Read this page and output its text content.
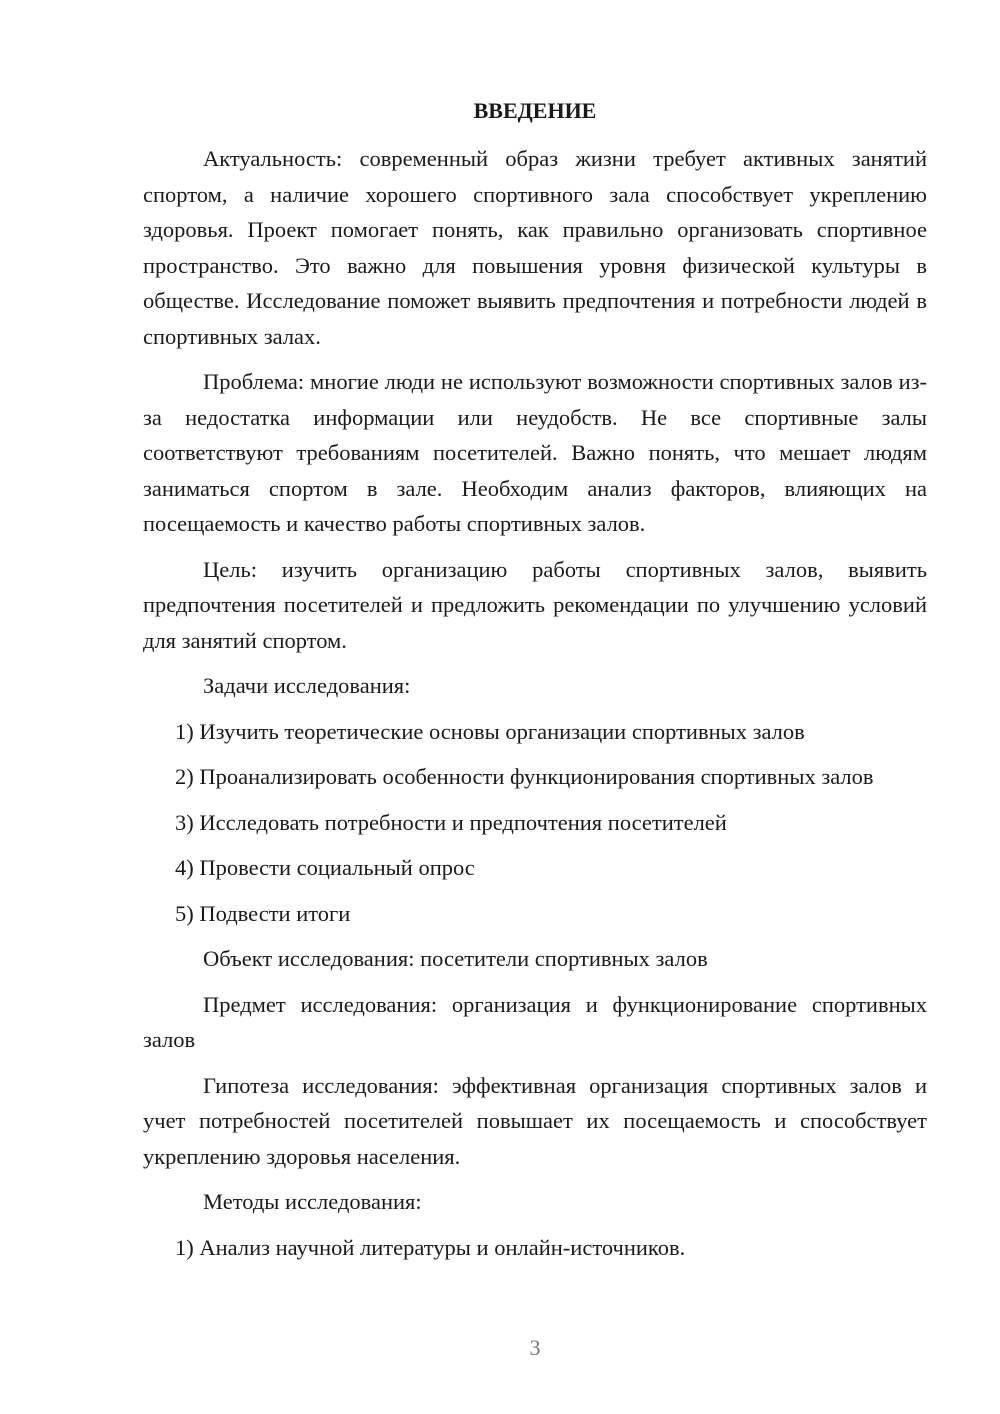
ВВЕДЕНИЕ

Актуальность: современный образ жизни требует активных занятий спортом, а наличие хорошего спортивного зала способствует укреплению здоровья. Проект помогает понять, как правильно организовать спортивное пространство. Это важно для повышения уровня физической культуры в обществе. Исследование поможет выявить предпочтения и потребности людей в спортивных залах.

Проблема: многие люди не используют возможности спортивных залов из-за недостатка информации или неудобств. Не все спортивные залы соответствуют требованиям посетителей. Важно понять, что мешает людям заниматься спортом в зале. Необходим анализ факторов, влияющих на посещаемость и качество работы спортивных залов.

Цель: изучить организацию работы спортивных залов, выявить предпочтения посетителей и предложить рекомендации по улучшению условий для занятий спортом.

Задачи исследования:

1) Изучить теоретические основы организации спортивных залов

2) Проанализировать особенности функционирования спортивных залов

3) Исследовать потребности и предпочтения посетителей

4) Провести социальный опрос

5) Подвести итоги

Объект исследования: посетители спортивных залов

Предмет исследования: организация и функционирование спортивных залов

Гипотеза исследования: эффективная организация спортивных залов и учет потребностей посетителей повышает их посещаемость и способствует укреплению здоровья населения.

Методы исследования:

1) Анализ научной литературы и онлайн-источников.

3
